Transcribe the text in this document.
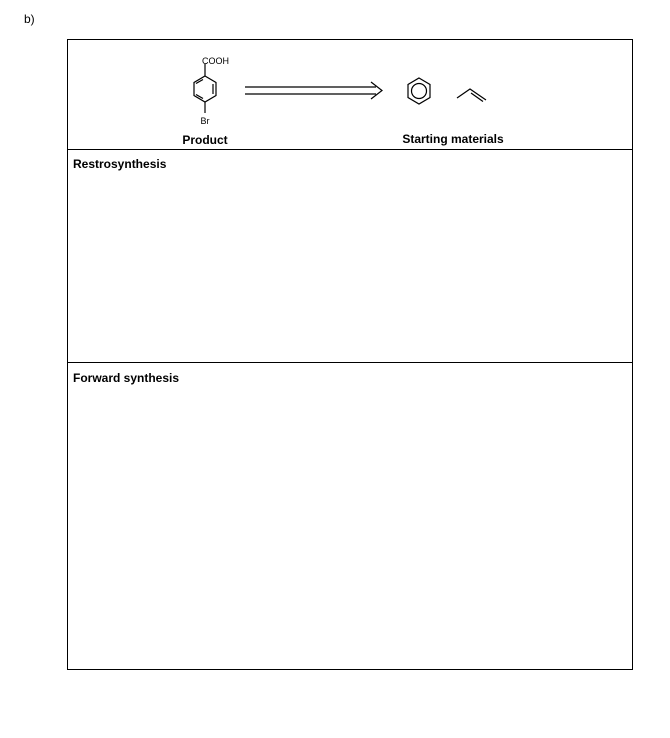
b)
COOH
Br
Product	Starting materials
Restrosynthesis
Forward synthesis
